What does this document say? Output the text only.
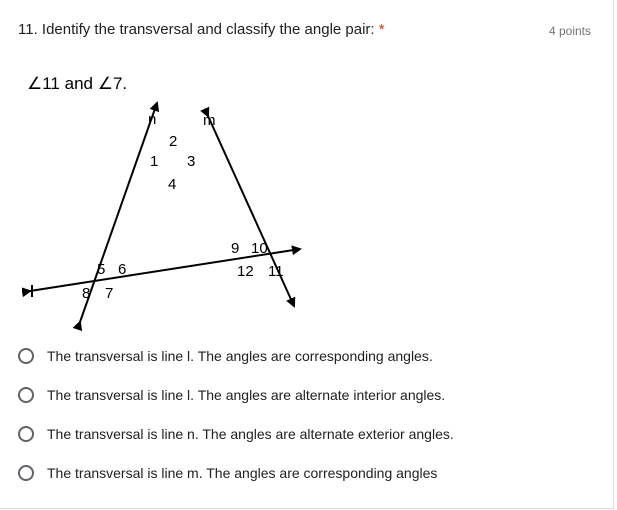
11. Identify the transversal and classify the angle pair: *	4 points
n	m
1
2
3
4
5 6
7
8
9 10
12 11
∠11 and ∠7.
The transversal is line l. The angles are corresponding angles.
The transversal is line l. The angles are alternate interior angles.
The transversal is line n. The angles are alternate exterior angles.
The transversal is line m. The angles are corresponding angles
